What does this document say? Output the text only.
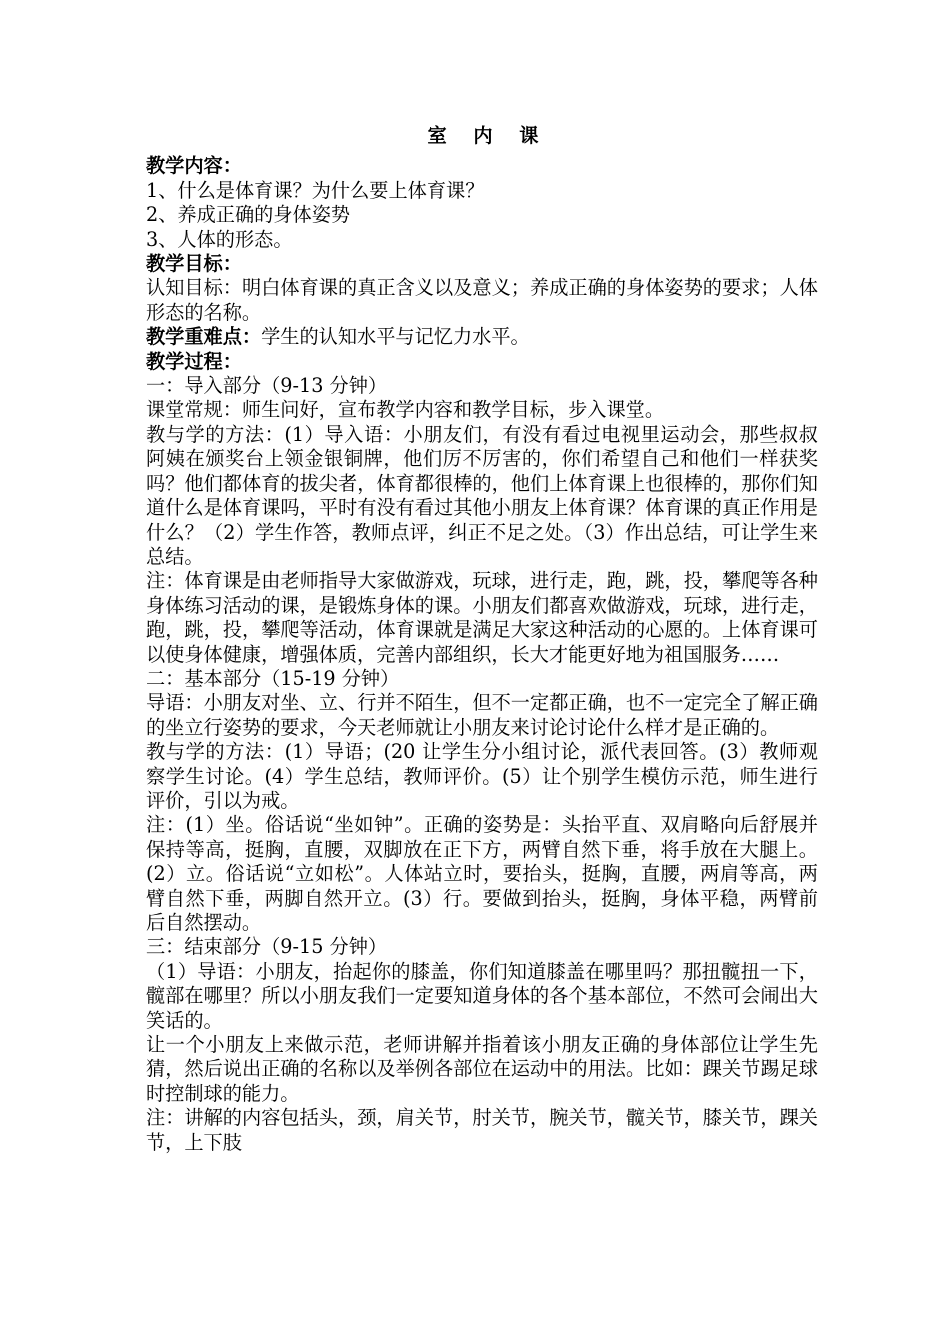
室 内 课
教学内容：
1、什么是体育课？为什么要上体育课？
2、养成正确的身体姿势
3、人体的形态。
教学目标：
认知目标：明白体育课的真正含义以及意义；养成正确的身体姿势的要求；人体形态的名称。
教学重难点：学生的认知水平与记忆力水平。
教学过程：
一：导入部分（9-13 分钟）
课堂常规：师生问好，宣布教学内容和教学目标，步入课堂。
教与学的方法：(1）导入语：小朋友们，有没有看过电视里运动会，那些叔叔阿姨在颁奖台上领金银铜牌，他们厉不厉害的，你们希望自己和他们一样获奖吗？他们都体育的拔尖者，体育都很棒的，他们上体育课上也很棒的，那你们知道什么是体育课吗，平时有没有看过其他小朋友上体育课？体育课的真正作用是什么？（2）学生作答，教师点评，纠正不足之处。（3）作出总结，可让学生来总结。
注：体育课是由老师指导大家做游戏，玩球，进行走，跑，跳，投，攀爬等各种身体练习活动的课，是锻炼身体的课。小朋友们都喜欢做游戏，玩球，进行走，跑，跳，投，攀爬等活动，体育课就是满足大家这种活动的心愿的。上体育课可以使身体健康，增强体质，完善内部组织，长大才能更好地为祖国服务……
二：基本部分（15-19 分钟）
导语：小朋友对坐、立、行并不陌生，但不一定都正确，也不一定完全了解正确的坐立行姿势的要求，今天老师就让小朋友来讨论讨论什么样才是正确的。
教与学的方法：(1）导语；(20 让学生分小组讨论，派代表回答。(3）教师观察学生讨论。(4）学生总结，教师评价。(5）让个别学生模仿示范，师生进行评价，引以为戒。
注：(1）坐。俗话说“坐如钟”。正确的姿势是：头抬平直、双肩略向后舒展并保持等高，挺胸，直腰，双脚放在正下方，两臂自然下垂，将手放在大腿上。(2）立。俗话说“立如松”。人体站立时，要抬头，挺胸，直腰，两肩等高，两臂自然下垂，两脚自然开立。(3）行。要做到抬头，挺胸，身体平稳，两臂前后自然摆动。
三：结束部分（9-15 分钟）
（1）导语：小朋友，抬起你的膝盖，你们知道膝盖在哪里吗？那扭髋扭一下，髋部在哪里？所以小朋友我们一定要知道身体的各个基本部位，不然可会闹出大笑话的。
让一个小朋友上来做示范，老师讲解并指着该小朋友正确的身体部位让学生先猜，然后说出正确的名称以及举例各部位在运动中的用法。比如：踝关节踢足球时控制球的能力。
注：讲解的内容包括头，颈，肩关节，肘关节，腕关节，髋关节，膝关节，踝关节，上下肢
